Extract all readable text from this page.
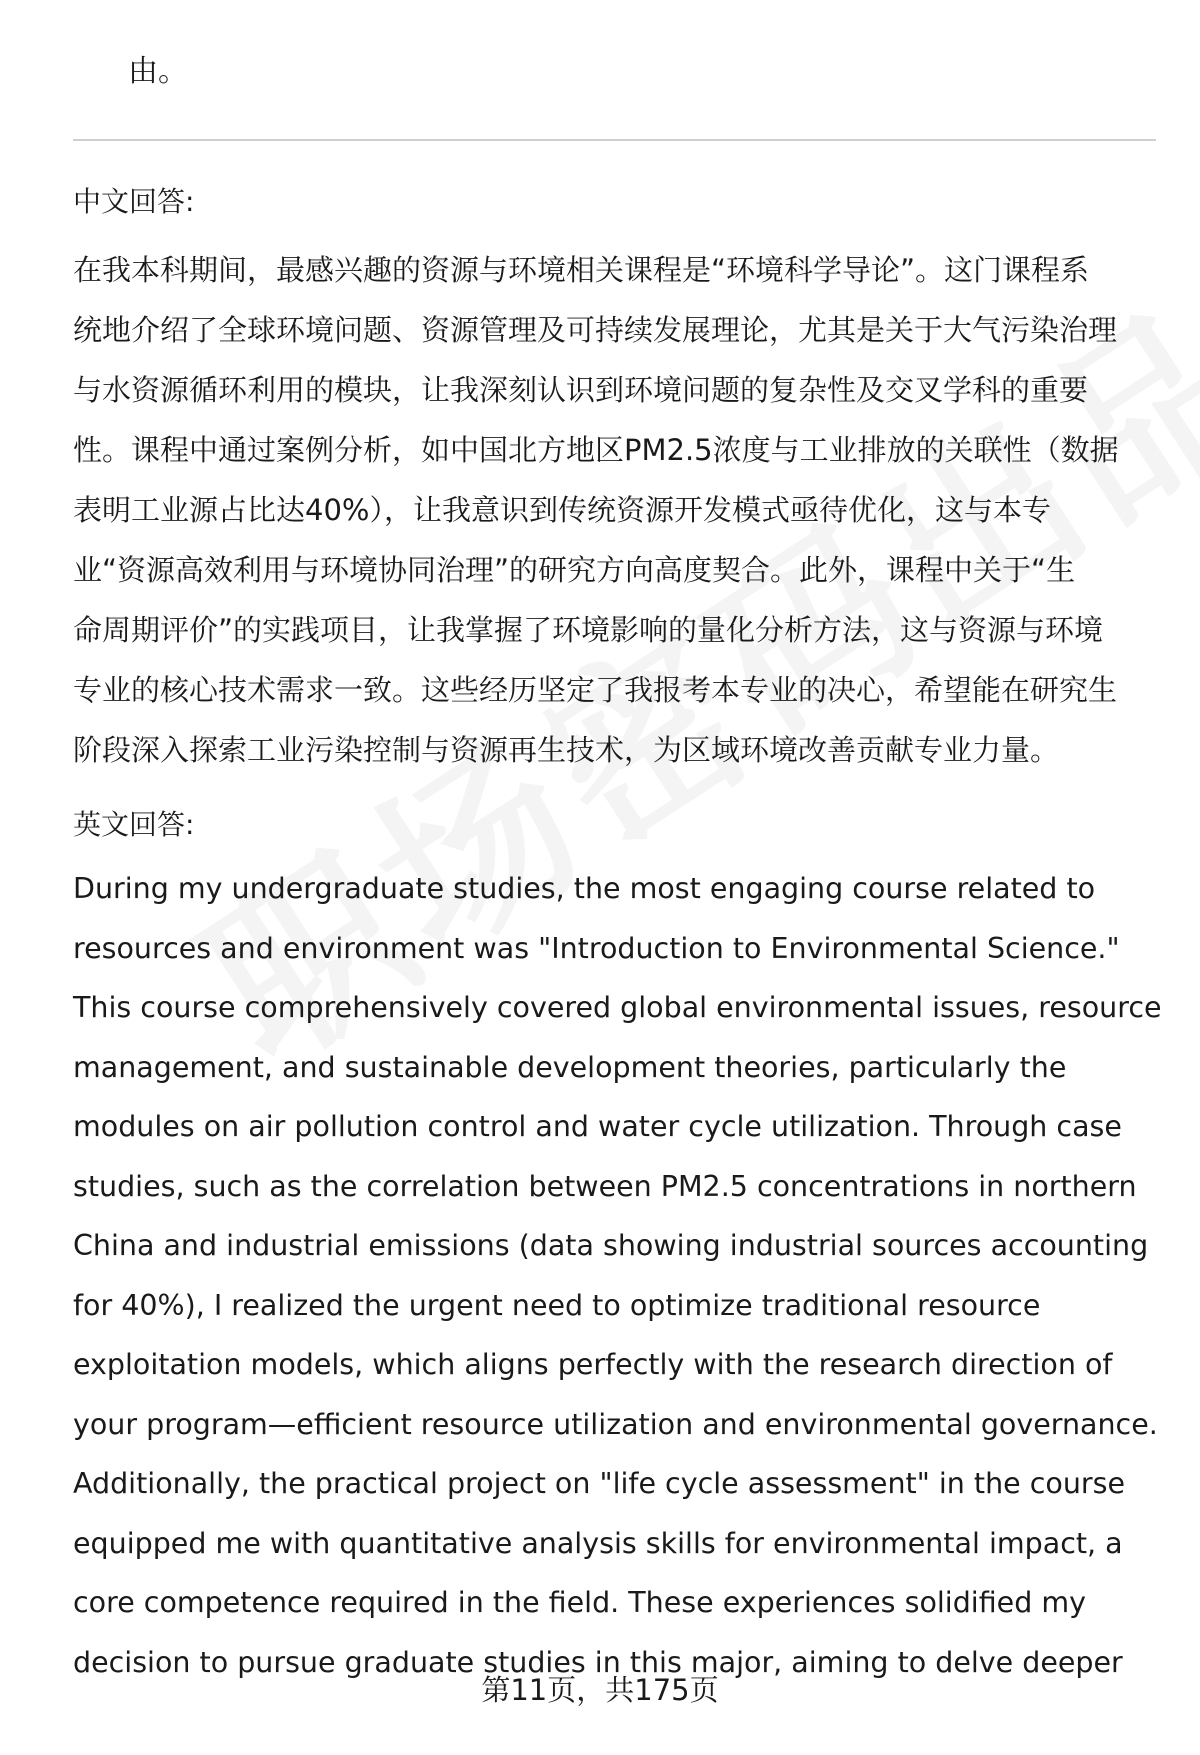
由。
中文回答:
在我本科期间，最感兴趣的资源与环境相关课程是“环境科学导论”。这门课程系
统地介绍了全球环境问题、资源管理及可持续发展理论，尤其是关于大气污染治理
与水资源循环利用的模块，让我深刻认识到环境问题的复杂性及交叉学科的重要
性。课程中通过案例分析，如中国北方地区PM2.5浓度与工业排放的关联性（数据
表明工业源占比达40%），让我意识到传统资源开发模式亟待优化，这与本专
业“资源高效利用与环境协同治理”的研究方向高度契合。此外，课程中关于“生
命周期评价”的实践项目，让我掌握了环境影响的量化分析方法，这与资源与环境
专业的核心技术需求一致。这些经历坚定了我报考本专业的决心，希望能在研究生
阶段深入探索工业污染控制与资源再生技术，为区域环境改善贡献专业力量。
英文回答:
During my undergraduate studies, the most engaging course related to
resources and environment was "Introduction to Environmental Science."
This course comprehensively covered global environmental issues, resource
management, and sustainable development theories, particularly the
modules on air pollution control and water cycle utilization. Through case
studies, such as the correlation between PM2.5 concentrations in northern
China and industrial emissions (data showing industrial sources accounting
for 40%), I realized the urgent need to optimize traditional resource
exploitation models, which aligns perfectly with the research direction of
your program—efficient resource utilization and environmental governance.
Additionally, the practical project on "life cycle assessment" in the course
equipped me with quantitative analysis skills for environmental impact, a
core competence required in the field. These experiences solidified my
decision to pursue graduate studies in this major, aiming to delve deeper
第11页，共175页
